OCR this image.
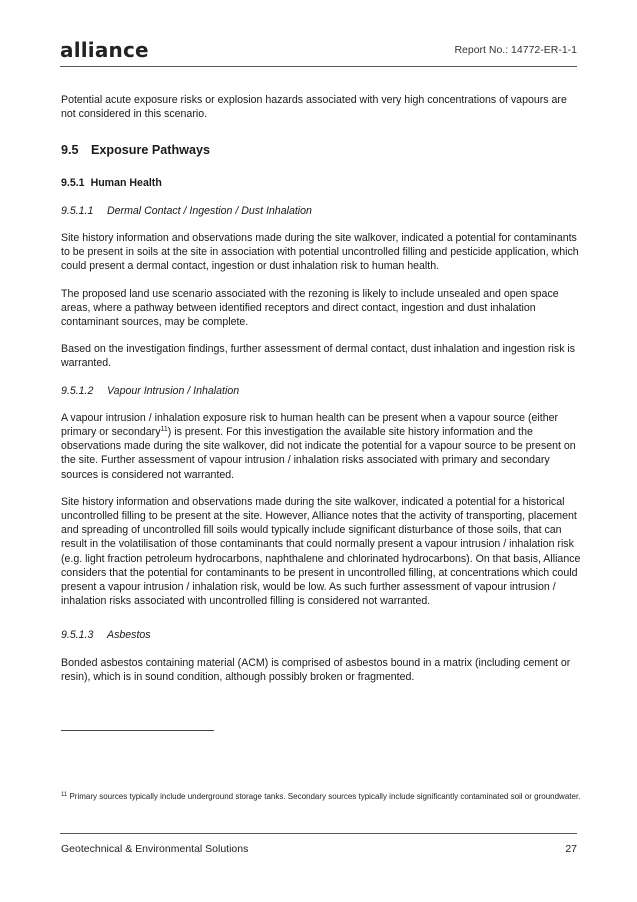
alliance	Report No.: 14772-ER-1-1

Potential acute exposure risks or explosion hazards associated with very high concentrations of vapours are not considered in this scenario.

9.5 Exposure Pathways
9.5.1 Human Health
9.5.1.1 Dermal Contact / Ingestion / Dust Inhalation

Site history information and observations made during the site walkover, indicated a potential for contaminants to be present in soils at the site in association with potential uncontrolled filling and pesticide application, which could present a dermal contact, ingestion or dust inhalation risk to human health.

The proposed land use scenario associated with the rezoning is likely to include unsealed and open space areas, where a pathway between identified receptors and direct contact, ingestion and dust inhalation contaminant sources, may be complete.

Based on the investigation findings, further assessment of dermal contact, dust inhalation and ingestion risk is warranted.

9.5.1.2 Vapour Intrusion / Inhalation

A vapour intrusion / inhalation exposure risk to human health can be present when a vapour source (either primary or secondary$^{11}$) is present. For this investigation the available site history information and the observations made during the site walkover, did not indicate the potential for a vapour source to be present on the site. Further assessment of vapour intrusion / inhalation risks associated with primary and secondary sources is considered not warranted.

Site history information and observations made during the site walkover, indicated a potential for a historical uncontrolled filling to be present at the site. However, Alliance notes that the activity of transporting, placement and spreading of uncontrolled fill soils would typically include significant disturbance of those soils, that can result in the volatilisation of those contaminants that could normally present a vapour intrusion / inhalation risk (e.g. light fraction petroleum hydrocarbons, naphthalene and chlorinated hydrocarbons). On that basis, Alliance considers that the potential for contaminants to be present in uncontrolled filling, at concentrations which could present a vapour intrusion / inhalation risk, would be low. As such further assessment of vapour intrusion / inhalation risks associated with uncontrolled filling is considered not warranted.

9.5.1.3 Asbestos

Bonded asbestos containing material (ACM) is comprised of asbestos bound in a matrix (including cement or resin), which is in sound condition, although possibly broken or fragmented.

$^{11}$ Primary sources typically include underground storage tanks. Secondary sources typically include significantly contaminated soil or groundwater.
Geotechnical & Environmental Solutions	27
